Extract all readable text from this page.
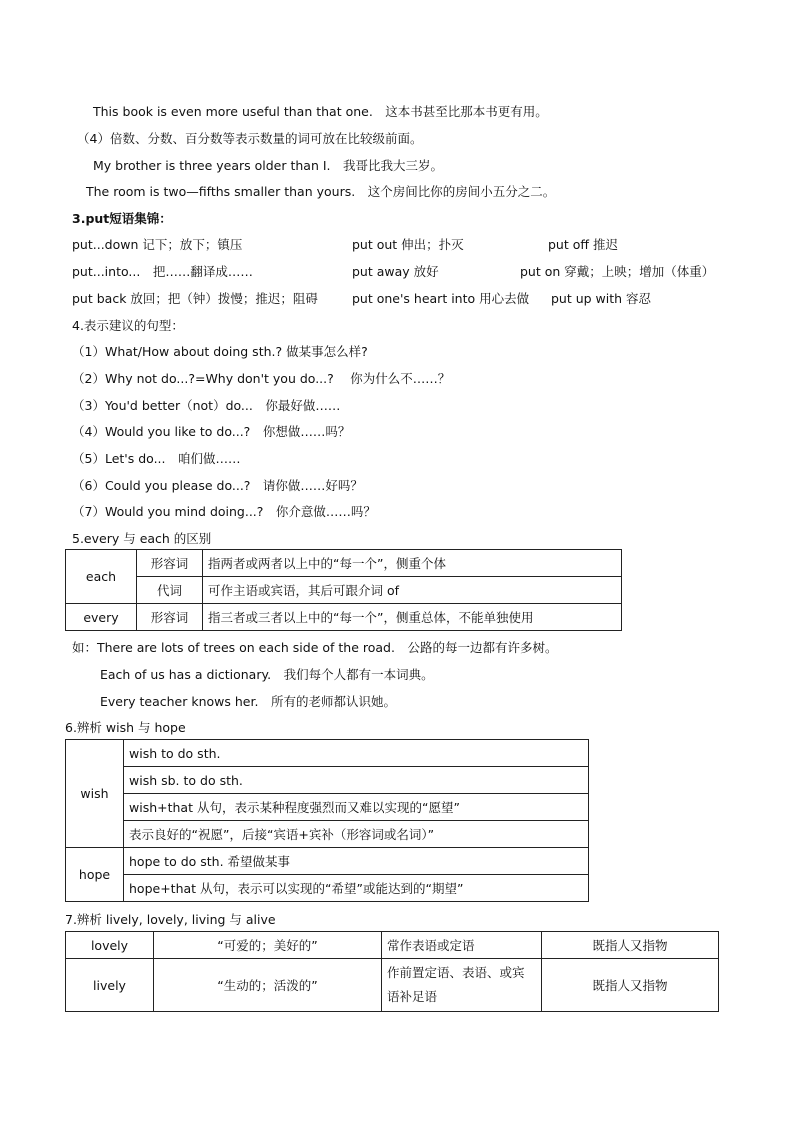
This book is even more useful than that one.　这本书甚至比那本书更有用。
（4）倍数、分数、百分数等表示数量的词可放在比较级前面。
My brother is three years older than I.　我哥比我大三岁。
The room is two—fifths smaller than yours.　这个房间比你的房间小五分之二。
3.put短语集锦：
put...down 记下；放下；镇压	put out 伸出；扑灭	put off 推迟
put...into...　把……翻译成……	put away 放好	put on 穿戴；上映；增加（体重）
put back 放回；把（钟）拨慢；推迟；阻碍	put one's heart into 用心去做 put up with 容忍
4.表示建议的句型：
（1）What/How about doing sth.? 做某事怎么样?
（2）Why not do...?=Why don't you do...?　 你为什么不……？
（3）You'd better（not）do...　你最好做……
（4）Would you like to do...?　你想做……吗？
（5）Let's do...　咱们做……
（6）Could you please do...?　请你做……好吗？
（7）Would you mind doing...?　你介意做……吗？
5.every 与 each 的区别
each	形容词	指两者或两者以上中的“每一个”，侧重个体
	代词	可作主语或宾语，其后可跟介词 of
every	形容词	指三者或三者以上中的“每一个”，侧重总体，不能单独使用
如：There are lots of trees on each side of the road.　公路的每一边都有许多树。
Each of us has a dictionary.　我们每个人都有一本词典。
Every teacher knows her.　所有的老师都认识她。
6.辨析 wish 与 hope
wish	wish to do sth.
	wish sb. to do sth.
	wish+that 从句，表示某种程度强烈而又难以实现的“愿望”
	表示良好的“祝愿”，后接“宾语+宾补（形容词或名词）”
hope	hope to do sth. 希望做某事
	hope+that 从句，表示可以实现的“希望”或能达到的“期望”
7.辨析 lively, lovely, living 与 alive
lovely	“可爱的；美好的”	常作表语或定语	既指人又指物
lively	“生动的；活泼的”	作前置定语、表语、或宾语补足语	既指人又指物
